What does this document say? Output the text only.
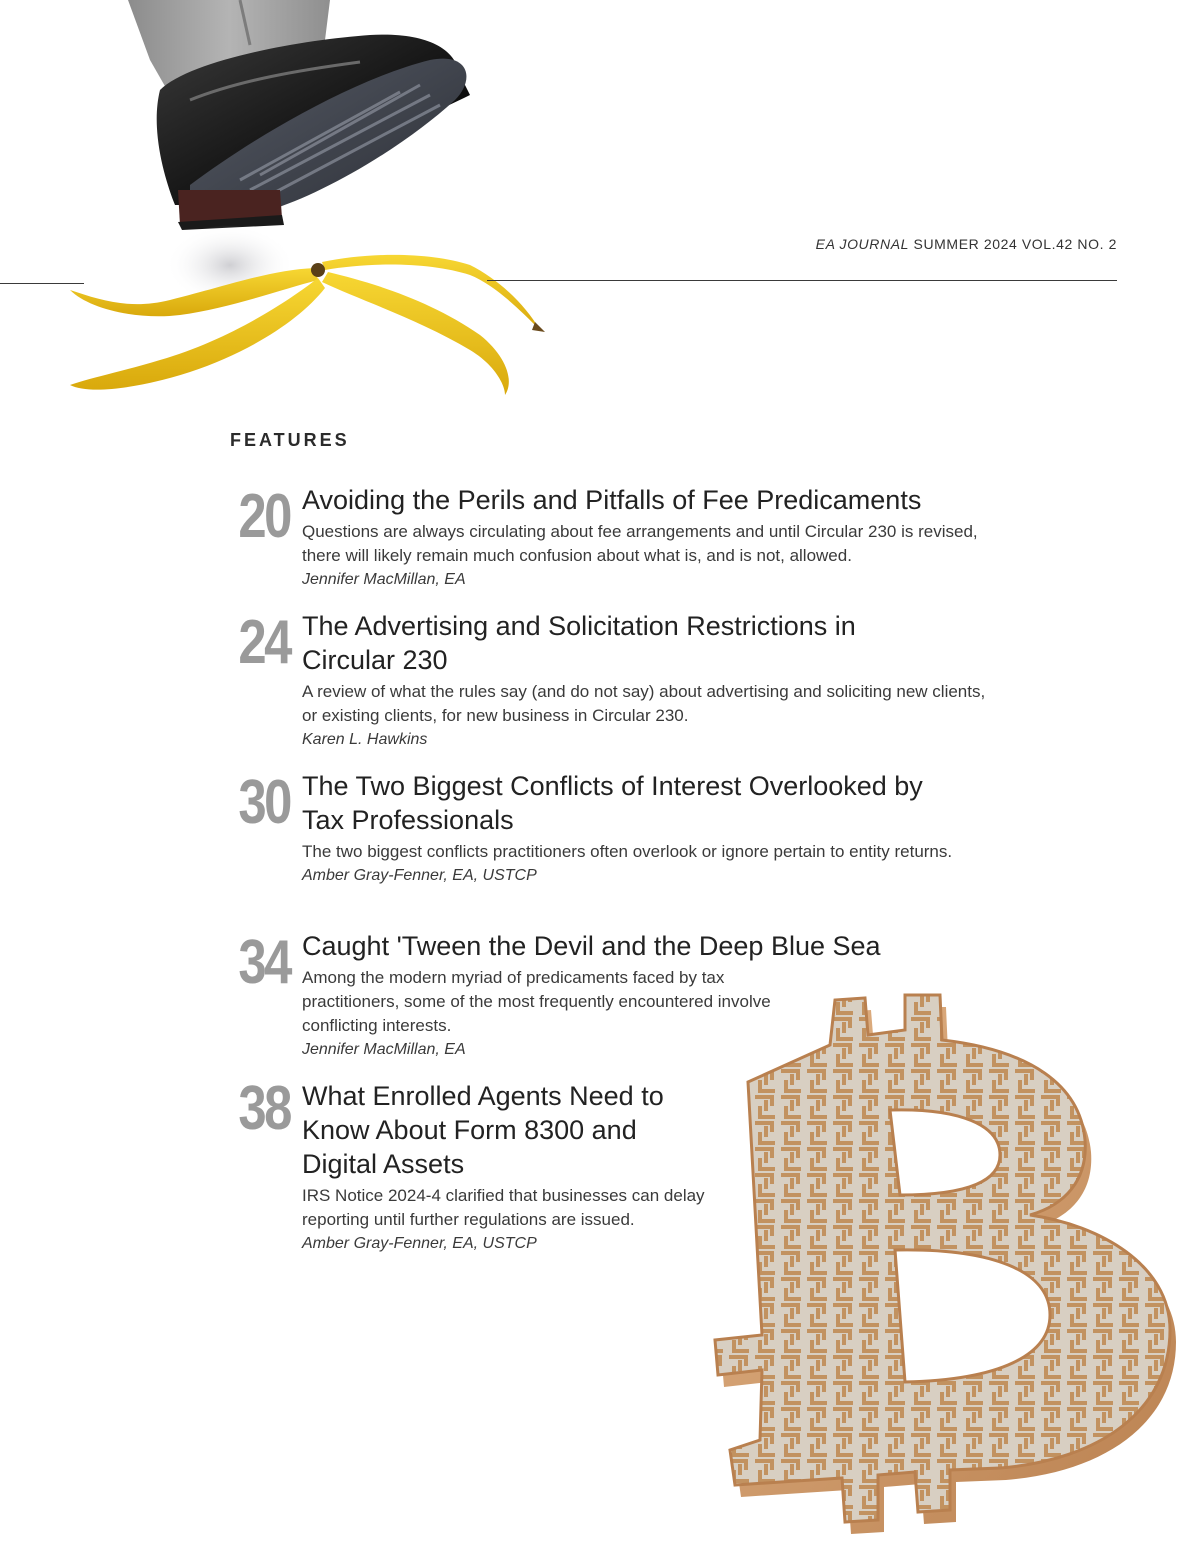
EA JOURNAL SUMMER 2024 VOL.42 NO. 2
FEATURES
20 Avoiding the Perils and Pitfalls of Fee Predicaments

Questions are always circulating about fee arrangements and until Circular 230 is revised, there will likely remain much confusion about what is, and is not, allowed.

Jennifer MacMillan, EA

24 The Advertising and Solicitation Restrictions in Circular 230

A review of what the rules say (and do not say) about advertising and soliciting new clients, or existing clients, for new business in Circular 230.

Karen L. Hawkins

30 The Two Biggest Conflicts of Interest Overlooked by Tax Professionals

The two biggest conflicts practitioners often overlook or ignore pertain to entity returns.

Amber Gray-Fenner, EA, USTCP

34 Caught 'Tween the Devil and the Deep Blue Sea

Among the modern myriad of predicaments faced by tax practitioners, some of the most frequently encountered involve conflicting interests.

Jennifer MacMillan, EA

38 What Enrolled Agents Need to Know About Form 8300 and Digital Assets

IRS Notice 2024-4 clarified that businesses can delay reporting until further regulations are issued.

Amber Gray-Fenner, EA, USTCP
